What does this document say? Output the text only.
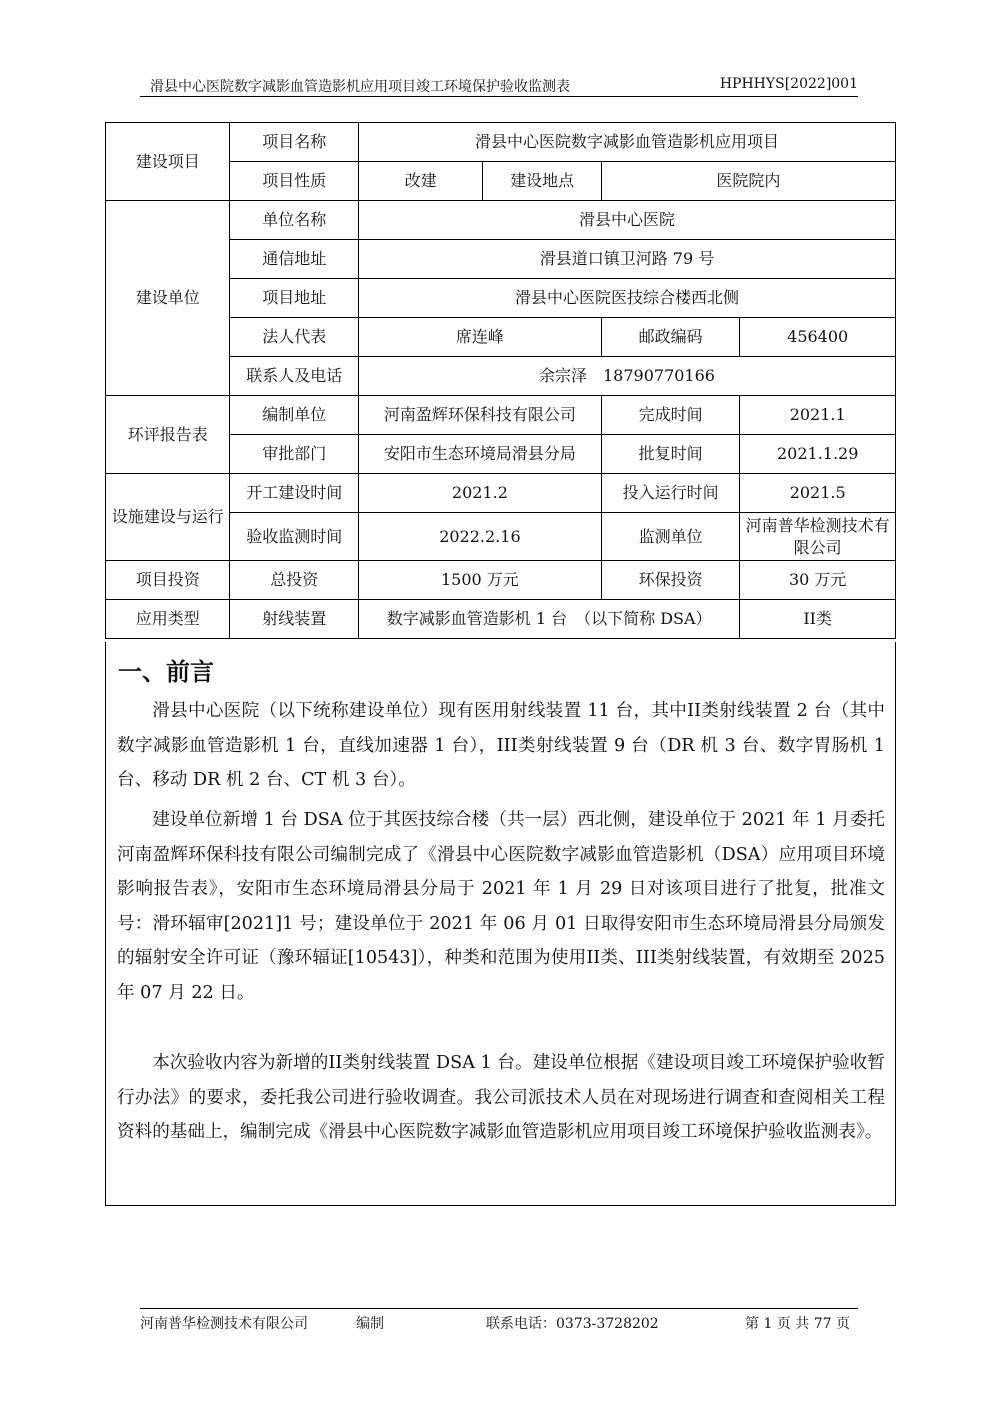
滑县中心医院数字减影血管造影机应用项目竣工环境保护验收监测表	HPHHYS[2022]001
建设项目	项目名称	滑县中心医院数字减影血管造影机应用项目			
	项目性质	改建	建设地点	医院院内	
建设单位	单位名称	滑县中心医院			
	通信地址	滑县道口镇卫河路 79 号			
	项目地址	滑县中心医院医技综合楼西北侧			
	法人代表	席连峰		邮政编码	456400
	联系人及电话	余宗泽　18790770166			
环评报告表	编制单位	河南盈辉环保科技有限公司		完成时间	2021.1
	审批部门	安阳市生态环境局滑县分局		批复时间	2021.1.29
设施建设与运行	开工建设时间	2021.2		投入运行时间	2021.5
	验收监测时间	2022.2.16		监测单位	河南普华检测技术有限公司
项目投资	总投资	1500 万元		环保投资	30 万元
应用类型	射线装置	数字减影血管造影机 1 台　（以下简称 DSA）			II类
一、前言
滑县中心医院（以下统称建设单位）现有医用射线装置 11 台，其中II类射线装置 2 台（其中数字减影血管造影机 1 台，直线加速器 1 台），III类射线装置 9 台（DR 机 3 台、数字胃肠机 1 台、移动 DR 机 2 台、CT 机 3 台）。
建设单位新增 1 台 DSA 位于其医技综合楼（共一层）西北侧，建设单位于 2021 年 1 月委托河南盈辉环保科技有限公司编制完成了《滑县中心医院数字减影血管造影机（DSA）应用项目环境影响报告表》，安阳市生态环境局滑县分局于 2021 年 1 月 29 日对该项目进行了批复，批准文号：滑环辐审[2021]1 号；建设单位于 2021 年 06 月 01 日取得安阳市生态环境局滑县分局颁发的辐射安全许可证（豫环辐证[10543]），种类和范围为使用II类、III类射线装置，有效期至 2025 年 07 月 22 日。
本次验收内容为新增的II类射线装置 DSA 1 台。建设单位根据《建设项目竣工环境保护验收暂行办法》的要求，委托我公司进行验收调查。我公司派技术人员在对现场进行调查和查阅相关工程资料的基础上，编制完成《滑县中心医院数字减影血管造影机应用项目竣工环境保护验收监测表》。
河南普华检测技术有限公司	编制	联系电话：0373-3728202	第 1 页 共 77 页
